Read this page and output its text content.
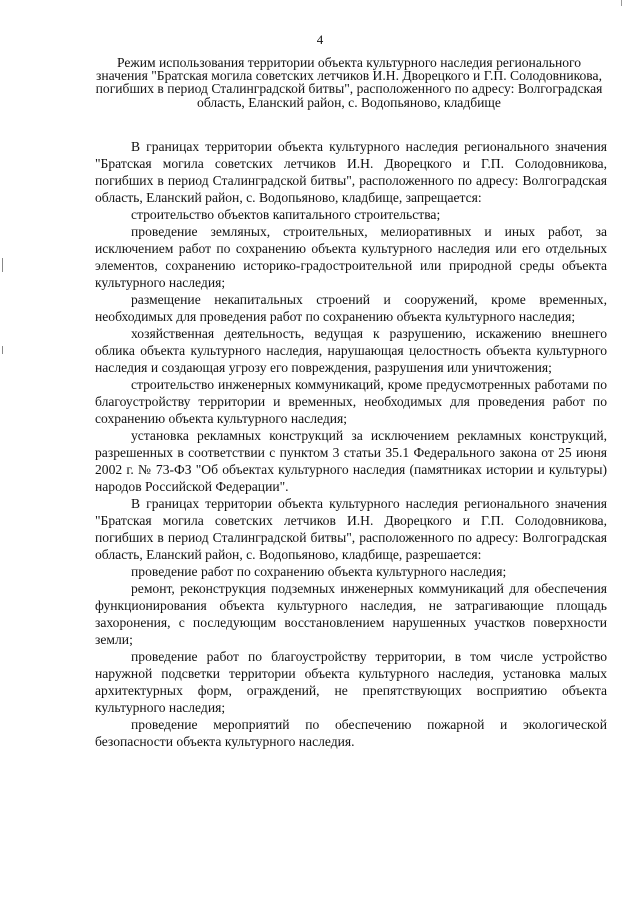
4
Режим использования территории объекта культурного наследия регионального значения "Братская могила советских летчиков И.Н. Дворецкого и Г.П. Солодовникова, погибших в период Сталинградской битвы", расположенного по адресу: Волгоградская область, Еланский район, с. Водопьяново, кладбище

В границах территории объекта культурного наследия регионального значения "Братская могила советских летчиков И.Н. Дворецкого и Г.П. Солодовникова, погибших в период Сталинградской битвы", расположенного по адресу: Волгоградская область, Еланский район, с. Водопьяново, кладбище, запрещается:

строительство объектов капитального строительства;

проведение земляных, строительных, мелиоративных и иных работ, за исключением работ по сохранению объекта культурного наследия или его отдельных элементов, сохранению историко-градостроительной или природной среды объекта культурного наследия;

размещение некапитальных строений и сооружений, кроме временных, необходимых для проведения работ по сохранению объекта культурного наследия;

хозяйственная деятельность, ведущая к разрушению, искажению внешнего облика объекта культурного наследия, нарушающая целостность объекта культурного наследия и создающая угрозу его повреждения, разрушения или уничтожения;

строительство инженерных коммуникаций, кроме предусмотренных работами по благоустройству территории и временных, необходимых для проведения работ по сохранению объекта культурного наследия;

установка рекламных конструкций за исключением рекламных конструкций, разрешенных в соответствии с пунктом 3 статьи 35.1 Федерального закона от 25 июня 2002 г. № 73-ФЗ "Об объектах культурного наследия (памятниках истории и культуры) народов Российской Федерации".

В границах территории объекта культурного наследия регионального значения "Братская могила советских летчиков И.Н. Дворецкого и Г.П. Солодовникова, погибших в период Сталинградской битвы", расположенного по адресу: Волгоградская область, Еланский район, с. Водопьяново, кладбище, разрешается:

проведение работ по сохранению объекта культурного наследия;

ремонт, реконструкция подземных инженерных коммуникаций для обеспечения функционирования объекта культурного наследия, не затрагивающие площадь захоронения, с последующим восстановлением нарушенных участков поверхности земли;

проведение работ по благоустройству территории, в том числе устройство наружной подсветки территории объекта культурного наследия, установка малых архитектурных форм, ограждений, не препятствующих восприятию объекта культурного наследия;

проведение мероприятий по обеспечению пожарной и экологической безопасности объекта культурного наследия.
